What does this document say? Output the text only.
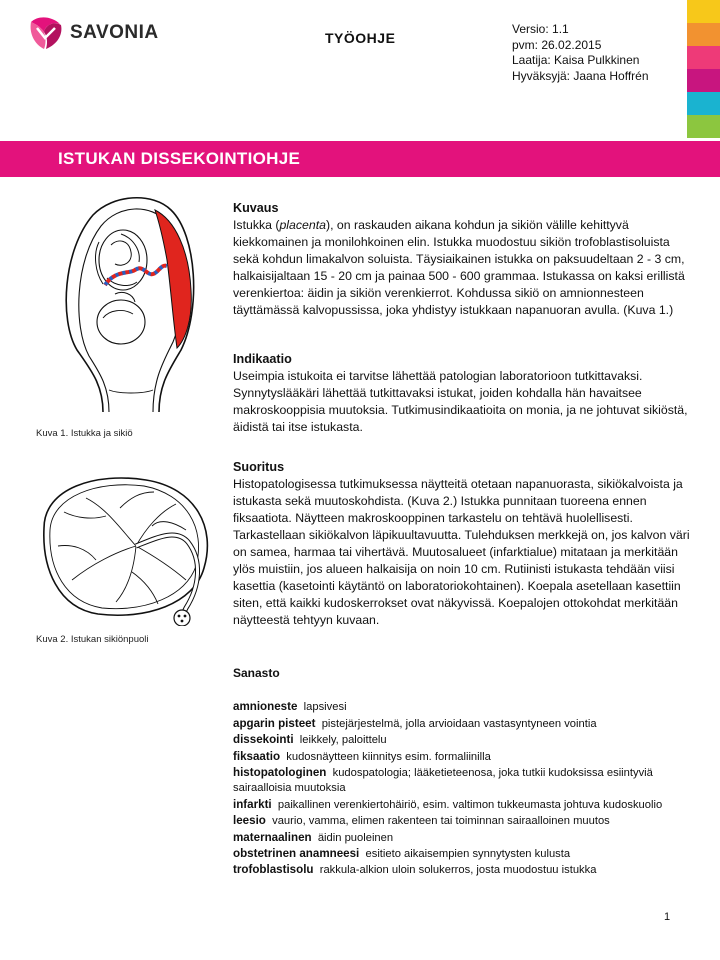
SAVONIA	TYÖOHJE
Versio: 1.1
pvm: 26.02.2015
Laatija: Kaisa Pulkkinen
Hyväksyjä: Jaana Hoffrén
ISTUKAN DISSEKOINTIOHJE
Kuva 1. Istukka ja sikiö
Kuva 2. Istukan sikiönpuoli
Kuvaus

Istukka (placenta), on raskauden aikana kohdun ja sikiön välille kehittyvä kiekkomainen ja monilohkoinen elin. Istukka muodostuu sikiön trofoblastisoluista sekä kohdun limakalvon soluista. Täysiaikainen istukka on paksuudeltaan 2 - 3 cm, halkaisijaltaan 15 - 20 cm ja painaa 500 - 600 grammaa. Istukassa on kaksi erillistä verenkiertoa: äidin ja sikiön verenkierrot. Kohdussa sikiö on amnionnesteen täyttämässä kalvopussissa, joka yhdistyy istukkaan napanuoran avulla. (Kuva 1.)

Indikaatio

Useimpia istukoita ei tarvitse lähettää patologian laboratorioon tutkittavaksi. Synnytyslääkäri lähettää tutkittavaksi istukat, joiden kohdalla hän havaitsee makroskooppisia muutoksia. Tutkimusindikaatioita on monia, ja ne johtuvat sikiöstä, äidistä tai itse istukasta.

Suoritus

Histopatologisessa tutkimuksessa näytteitä otetaan napanuorasta, sikiökalvoista ja istukasta sekä muutoskohdista. (Kuva 2.) Istukka punnitaan tuoreena ennen fiksaatiota. Näytteen makroskooppinen tarkastelu on tehtävä huolellisesti. Tarkastellaan sikiökalvon läpikuultavuutta. Tulehduksen merkkejä on, jos kalvon väri on samea, harmaa tai vihertävä. Muutosalueet (infarktialue) mitataan ja merkitään ylös muistiin, jos alueen halkaisija on noin 10 cm. Rutiinisti istukasta tehdään viisi kasettia (kasetointi käytäntö on laboratoriokohtainen). Koepala asetellaan kasettiin siten, että kaikki kudoskerrokset ovat näkyvissä. Koepalojen ottokohdat merkitään näytteestä tehtyyn kuvaan.

Sanasto
amnioneste lapsivesi
apgarin pisteet pistejärjestelmä, jolla arvioidaan vastasyntyneen vointia
dissekointi leikkely, paloittelu
fiksaatio kudosnäytteen kiinnitys esim. formaliinilla
histopatologinen kudospatologia; lääketieteenosa, joka tutkii kudoksissa esiintyviä sairaalloisia muutoksia
infarkti paikallinen verenkiertohäiriö, esim. valtimon tukkeumasta johtuva kudoskuolio
leesio vaurio, vamma, elimen rakenteen tai toiminnan sairaalloinen muutos
maternaalinen äidin puoleinen
obstetrinen anamneesi esitieto aikaisempien synnytysten kulusta
trofoblastisolu rakkula-alkion uloin solukerros, josta muodostuu istukka
1
